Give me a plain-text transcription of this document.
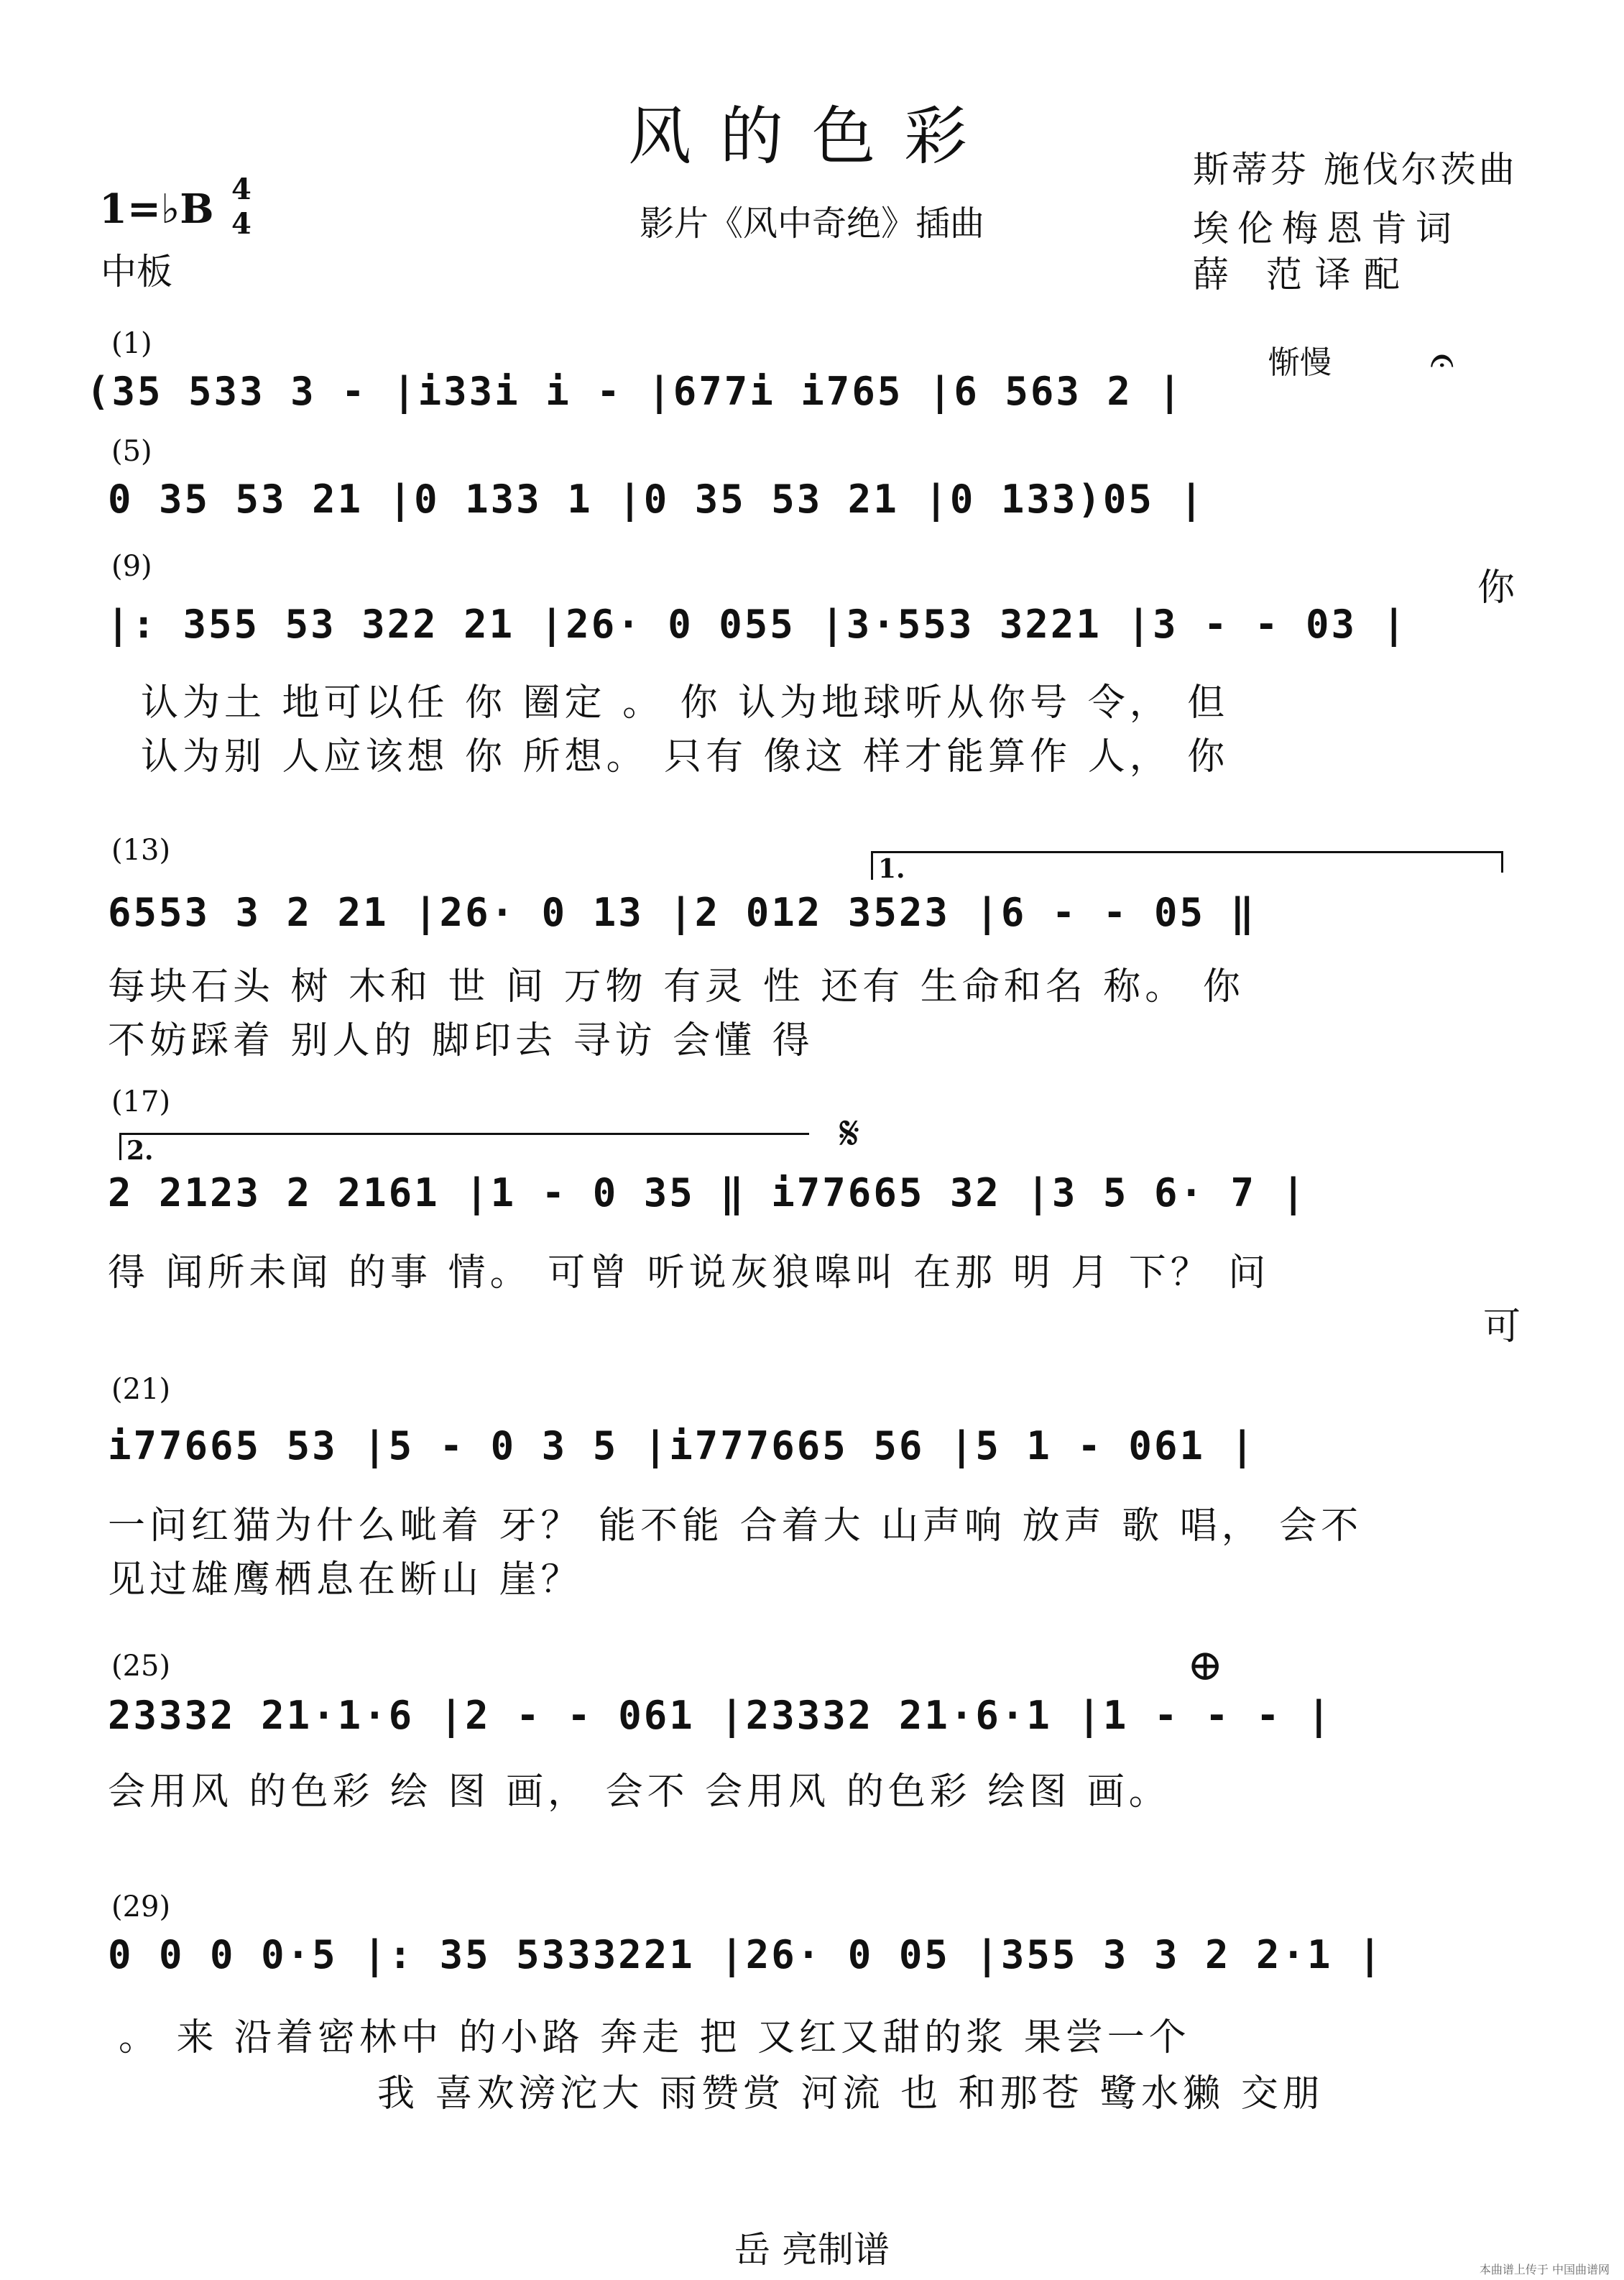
风的色彩
影片《风中奇绝》插曲
斯蒂芬 施伐尔茨曲
埃伦梅恩肯词
薛 范译配
1=♭B 4
4
中板
惭慢 𝄐
𝄋
⊕
1.
2.
(1)
(35 533 3 - |i33i i - |677i i765 |6 563 2 |
(5)
0 35 53 21 |0 133 1 |0 35 53 21 |0 133)05 |
(9)	你
|: 355 53 322 21 |26· 0 055 |3·553 3221 |3 - - 03 |
认为土 地可以任 你 圈定 。 你 认为地球听从你号 令， 但
认为别 人应该想 你 所想。 只有 像这 样才能算作 人， 你
(13)
6553 3 2 21 |26· 0 13 |2 012 3523 |6 - - 05 ‖
每块石头 树 木和 世 间 万物 有灵 性 还有 生命和名 称。 你
不妨踩着 别人的 脚印去 寻访 会懂 得
(17)
2 2123 2 2161 |1 - 0 35 ‖ i77665 32 |3 5 6· 7 |
得 闻所未闻 的事 情。 可曾 听说灰狼嗥叫 在那 明 月 下？ 问
可
(21)
i77665 53 |5 - 0 3 5 |i777665 56 |5 1 - 061 |
一问红猫为什么呲着 牙？ 能不能 合着大 山声响 放声 歌 唱， 会不
见过雄鹰栖息在断山 崖？
(25)
23332 21·1·6 |2 - - 061 |23332 21·6·1 |1 - - - |
会用风 的色彩 绘 图 画， 会不 会用风 的色彩 绘图 画。
(29)
0 0 0 0·5 |: 35 5333221 |26· 0 05 |355 3 3 2 2·1 |
。 来 沿着密林中 的小路 奔走 把 又红又甜的浆 果尝一个
我 喜欢滂沱大 雨赞赏 河流 也 和那苍 鹭水獭 交朋
岳 亮制谱	本曲谱上传于 中国曲谱网
